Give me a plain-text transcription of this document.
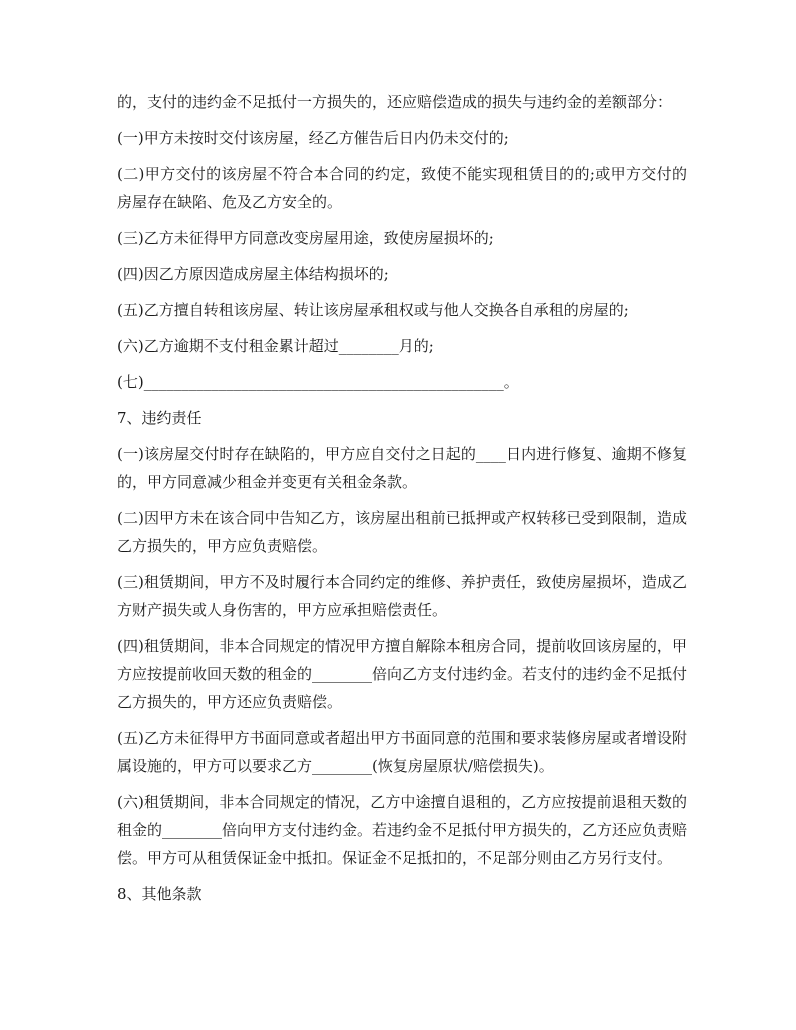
的，支付的违约金不足抵付一方损失的，还应赔偿造成的损失与违约金的差额部分：

(一)甲方未按时交付该房屋，经乙方催告后日内仍未交付的;

(二)甲方交付的该房屋不符合本合同的约定，致使不能实现租赁目的的;或甲方交付的房屋存在缺陷、危及乙方安全的。

(三)乙方未征得甲方同意改变房屋用途，致使房屋损坏的;

(四)因乙方原因造成房屋主体结构损坏的;

(五)乙方擅自转租该房屋、转让该房屋承租权或与他人交换各自承租的房屋的;

(六)乙方逾期不支付租金累计超过________月的;

(七)________________________________________________。

7、违约责任

(一)该房屋交付时存在缺陷的，甲方应自交付之日起的____日内进行修复、逾期不修复的，甲方同意减少租金并变更有关租金条款。

(二)因甲方未在该合同中告知乙方，该房屋出租前已抵押或产权转移已受到限制，造成乙方损失的，甲方应负责赔偿。

(三)租赁期间，甲方不及时履行本合同约定的维修、养护责任，致使房屋损坏，造成乙方财产损失或人身伤害的，甲方应承担赔偿责任。

(四)租赁期间，非本合同规定的情况甲方擅自解除本租房合同，提前收回该房屋的，甲方应按提前收回天数的租金的________倍向乙方支付违约金。若支付的违约金不足抵付乙方损失的，甲方还应负责赔偿。

(五)乙方未征得甲方书面同意或者超出甲方书面同意的范围和要求装修房屋或者增设附属设施的，甲方可以要求乙方________(恢复房屋原状/赔偿损失)。

(六)租赁期间，非本合同规定的情况，乙方中途擅自退租的，乙方应按提前退租天数的租金的________倍向甲方支付违约金。若违约金不足抵付甲方损失的，乙方还应负责赔偿。甲方可从租赁保证金中抵扣。保证金不足抵扣的，不足部分则由乙方另行支付。

8、其他条款
